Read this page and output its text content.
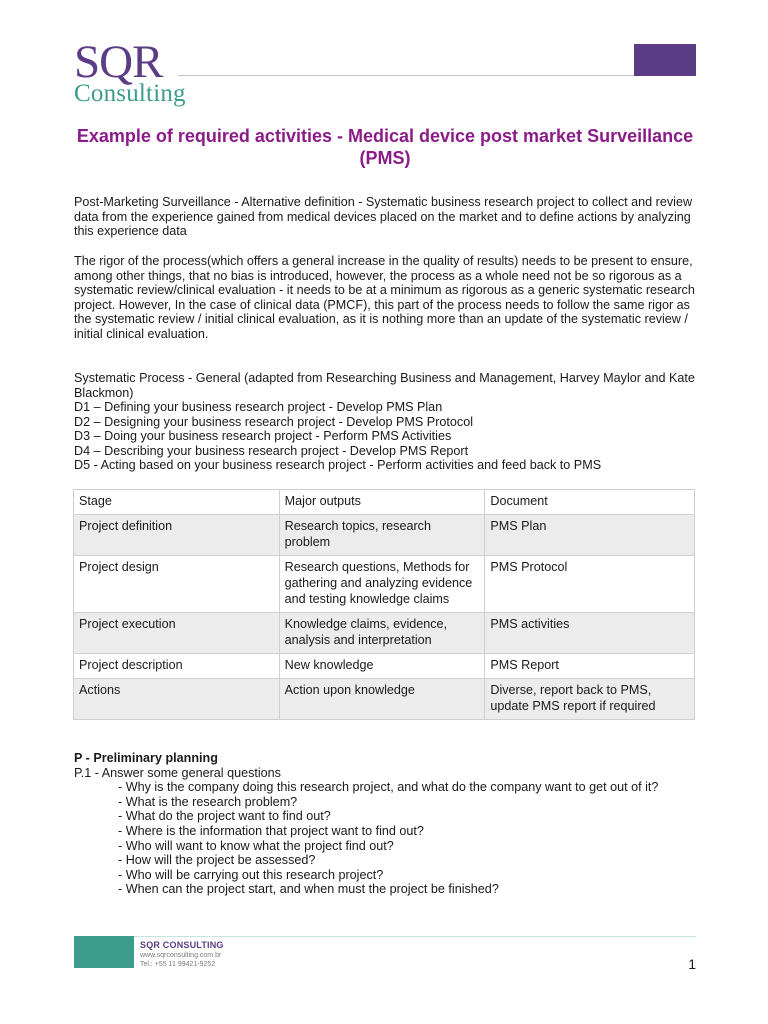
SQR
Consulting
Example of required activities - Medical device post market Surveillance (PMS)
Post-Marketing Surveillance - Alternative definition - Systematic business research project to collect and review data from the experience gained from medical devices placed on the market and to define actions by analyzing this experience data
The rigor of the process(which offers a general increase in the quality of results) needs to be present to ensure, among other things, that no bias is introduced, however, the process as a whole need not be so rigorous as a systematic review/clinical evaluation - it needs to be at a minimum as rigorous as a generic systematic research project. However, In the case of clinical data (PMCF), this part of the process needs to follow the same rigor as the systematic review / initial clinical evaluation, as it is nothing more than an update of the systematic review / initial clinical evaluation.
Systematic Process - General (adapted from Researching Business and Management, Harvey Maylor and Kate Blackmon)
D1 – Defining your business research project - Develop PMS Plan
D2 – Designing your business research project - Develop PMS Protocol
D3 – Doing your business research project - Perform PMS Activities
D4 – Describing your business research project - Develop PMS Report
D5 - Acting based on your business research project - Perform activities and feed back to PMS
Stage	Major outputs	Document
Project definition	Research topics, research problem	PMS Plan
Project design	Research questions, Methods for gathering and analyzing evidence and testing knowledge claims	PMS Protocol
Project execution	Knowledge claims, evidence, analysis and interpretation	PMS activities
Project description	New knowledge	PMS Report
Actions	Action upon knowledge	Diverse, report back to PMS, update PMS report if required
P - Preliminary planning
P.1 - Answer some general questions
- Why is the company doing this research project, and what do the company want to get out of it?
- What is the research problem?
- What do the project want to find out?
- Where is the information that project want to find out?
- Who will want to know what the project find out?
- How will the project be assessed?
- Who will be carrying out this research project?
- When can the project start, and when must the project be finished?
SQR CONSULTING
www.sqrconsulting.com.br
Tel.: +55 11 99421-9252	1
